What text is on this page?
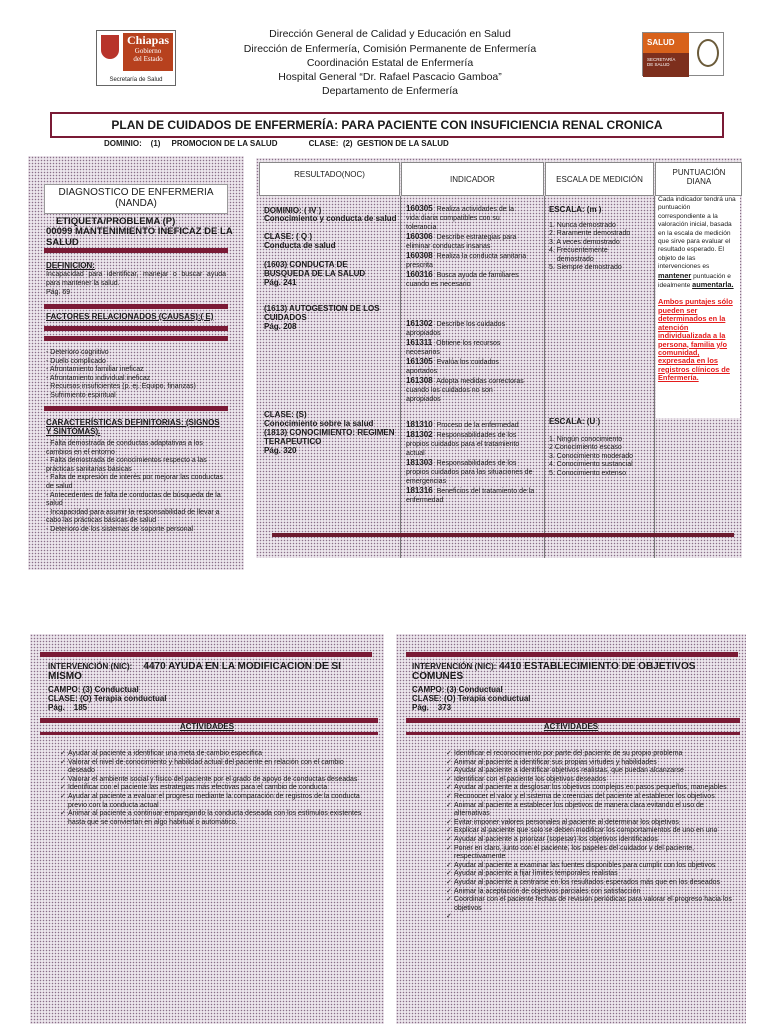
Chiapas
Gobierno
del Estado
Secretaría de Salud
SALUD
SECRETARÍA
DE SALUD
Dirección General de Calidad y Educación en Salud
Dirección de Enfermería, Comisión Permanente de Enfermería
Coordinación Estatal de Enfermería
Hospital General “Dr. Rafael Pascacio Gamboa”
Departamento de Enfermería
PLAN DE CUIDADOS DE ENFERMERÍA: PARA PACIENTE CON INSUFICIENCIA RENAL CRONICA
DOMINIO:    (1)     PROMOCION DE LA SALUD              CLASE:  (2)  GESTION DE LA SALUD
DIAGNOSTICO DE ENFERMERIA (NANDA)
ETIQUETA/PROBLEMA (P)
00099 MANTENIMIENTO INEFICAZ DE LA SALUD
DEFINICION:
Incapacidad para identificar, manejar o buscar ayuda para mantener la salud.
Pág. 69
FACTORES RELACIONADOS (CAUSAS):( E)
- Deterioro cognitivo
- Duelo complicado
- Afrontamiento familiar ineficaz
- Afrontamiento individual ineficaz
- Recursos insuficientes (p. ej. Equipo, finanzas)
- Sufrimiento espiritual
CARACTERÍSTICAS DEFINITORIAS: (SIGNOS Y SINTOMAS).
- Falta demostrada de conductas adaptativas a los cambios en el entorno
- Falta demostrada de conocimientos respecto a las prácticas sanitarias básicas
- Falta de expresión de interés por mejorar las conductas de salud
- Antecedentes de falta de conductas de búsqueda de la salud
- Incapacidad para asumir la responsabilidad de llevar a cabo las prácticas básicas de salud
- Deterioro de los sistemas de soporte personal
RESULTADO(NOC)
INDICADOR	ESCALA DE MEDICIÓN
PUNTUACIÓN DIANA
DOMINIO: ( IV )
Conocimiento y conducta de salud
CLASE: ( Q )
Conducta de salud
(1603) CONDUCTA DE BUSQUEDA DE LA SALUD
Pág. 241
(1613) AUTOGESTION DE LOS CUIDADOS
Pág. 208
CLASE: (S)
Conocimiento sobre la salud
(1813) CONOCIMIENTO: REGIMEN TERAPEUTICO
Pág. 320
160305 Realiza actividades de la vida diaria compatibles con su tolerancia
160306 Describe estrategias para eliminar conductas insanas
160308 Realiza la conducta sanitaria prescrita
160316 Busca ayuda de familiares cuando es necesario
161302 Describe los cuidados apropiados
161311 Obtiene los recursos necesarios
161305 Evalúa los cuidados aportados
161308 Adopta medidas correctoras cuando los cuidados no son apropiados
181310 Proceso de la enfermedad
181302 Responsabilidades de los propios cuidados para el tratamiento actual
181303 Responsabilidades de los propios cuidados para las situaciones de emergencias
181316 Beneficios del tratamiento de la enfermedad
ESCALA: (m )
1. Nunca demostrado
2. Raramente demostrado
3. A veces demostrado
4. Frecuentemente
demostrado
5. Siempre demostrado
ESCALA: (U )
1. Ningún conocimiento
2 Conocimiento escaso
3. Conocimiento moderado
4. Conocimiento sustancial
5. Conocimiento extenso
Cada indicador tendrá una puntuación correspondiente a la valoración inicial, basada en la escala de medición que sirve para evaluar el resultado esperado. El objeto de las intervenciones es mantener puntuación e idealmente aumentarla.
Ambos puntajes sólo pueden ser determinados en la atención individualizada a la persona, familia y/o comunidad, expresada en los registros clínicos de Enfermería.
INTERVENCIÓN (NIC): 4470 AYUDA EN LA MODIFICACION DE SI MISMO
CAMPO: (3) Conductual
CLASE: (O) Terapia conductual
Pág.    185
ACTIVIDADES
✓ Ayudar al paciente a identificar una meta de cambio especifica
✓ Valorar el nivel de conocimiento y habilidad actual del paciente en relación con el cambio deseado
✓ Valorar el ambiente social y físico del paciente por el grado de apoyo de conductas deseadas
✓ Identificar con el paciente las estrategias más efectivas para el cambio de conducta
✓ Ayudar al paciente a evaluar el progreso mediante la comparación de registros de la conducta previo con la conducta actual
✓ Animar al paciente a continuar emparejando la conducta deseada con los estímulos existentes hasta que se conviertan en algo habitual o automático.
INTERVENCIÓN (NIC): 4410 ESTABLECIMIENTO DE OBJETIVOS COMUNES
CAMPO: (3) Conductual
CLASE: (O) Terapia conductual
Pág.    373
ACTIVIDADES
✓ Identificar el reconocimiento por parte del paciente de su propio problema
✓ Animar al paciente a identificar sus propias virtudes y habilidades
✓ Ayudar al paciente a identificar objetivos realistas, que puedan alcanzarse
✓ Identificar con el paciente los objetivos deseados
✓ Ayudar al paciente a desglosar los objetivos complejos en pasos pequeños, manejables
✓ Reconocer el valor y el sistema de creencias del paciente al establecer los objetivos
✓ Animar al paciente a establecer los objetivos de manera clara evitando el uso de alternativas
✓ Evitar imponer valores personales al paciente al determinar los objetivos
✓ Explicar al paciente que solo se deben modificar los comportamientos de uno en uno
✓ Ayudar al paciente a priorizar (sopesar) los objetivos identificados
✓ Poner en claro, junto con el paciente, los papeles del cuidador y del paciente, respectivamente
✓ Ayudar al paciente a examinar las fuentes disponibles para cumplir con los objetivos
✓ Ayudar al paciente a fijar límites temporales realistas
✓ Ayudar al paciente a centrarse en los resultados esperados más que en los deseados
✓ Animar la aceptación de objetivos parciales con satisfacción
✓ Coordinar con el paciente fechas de revisión periódicas para valorar el progreso hacia los objetivos
✓
